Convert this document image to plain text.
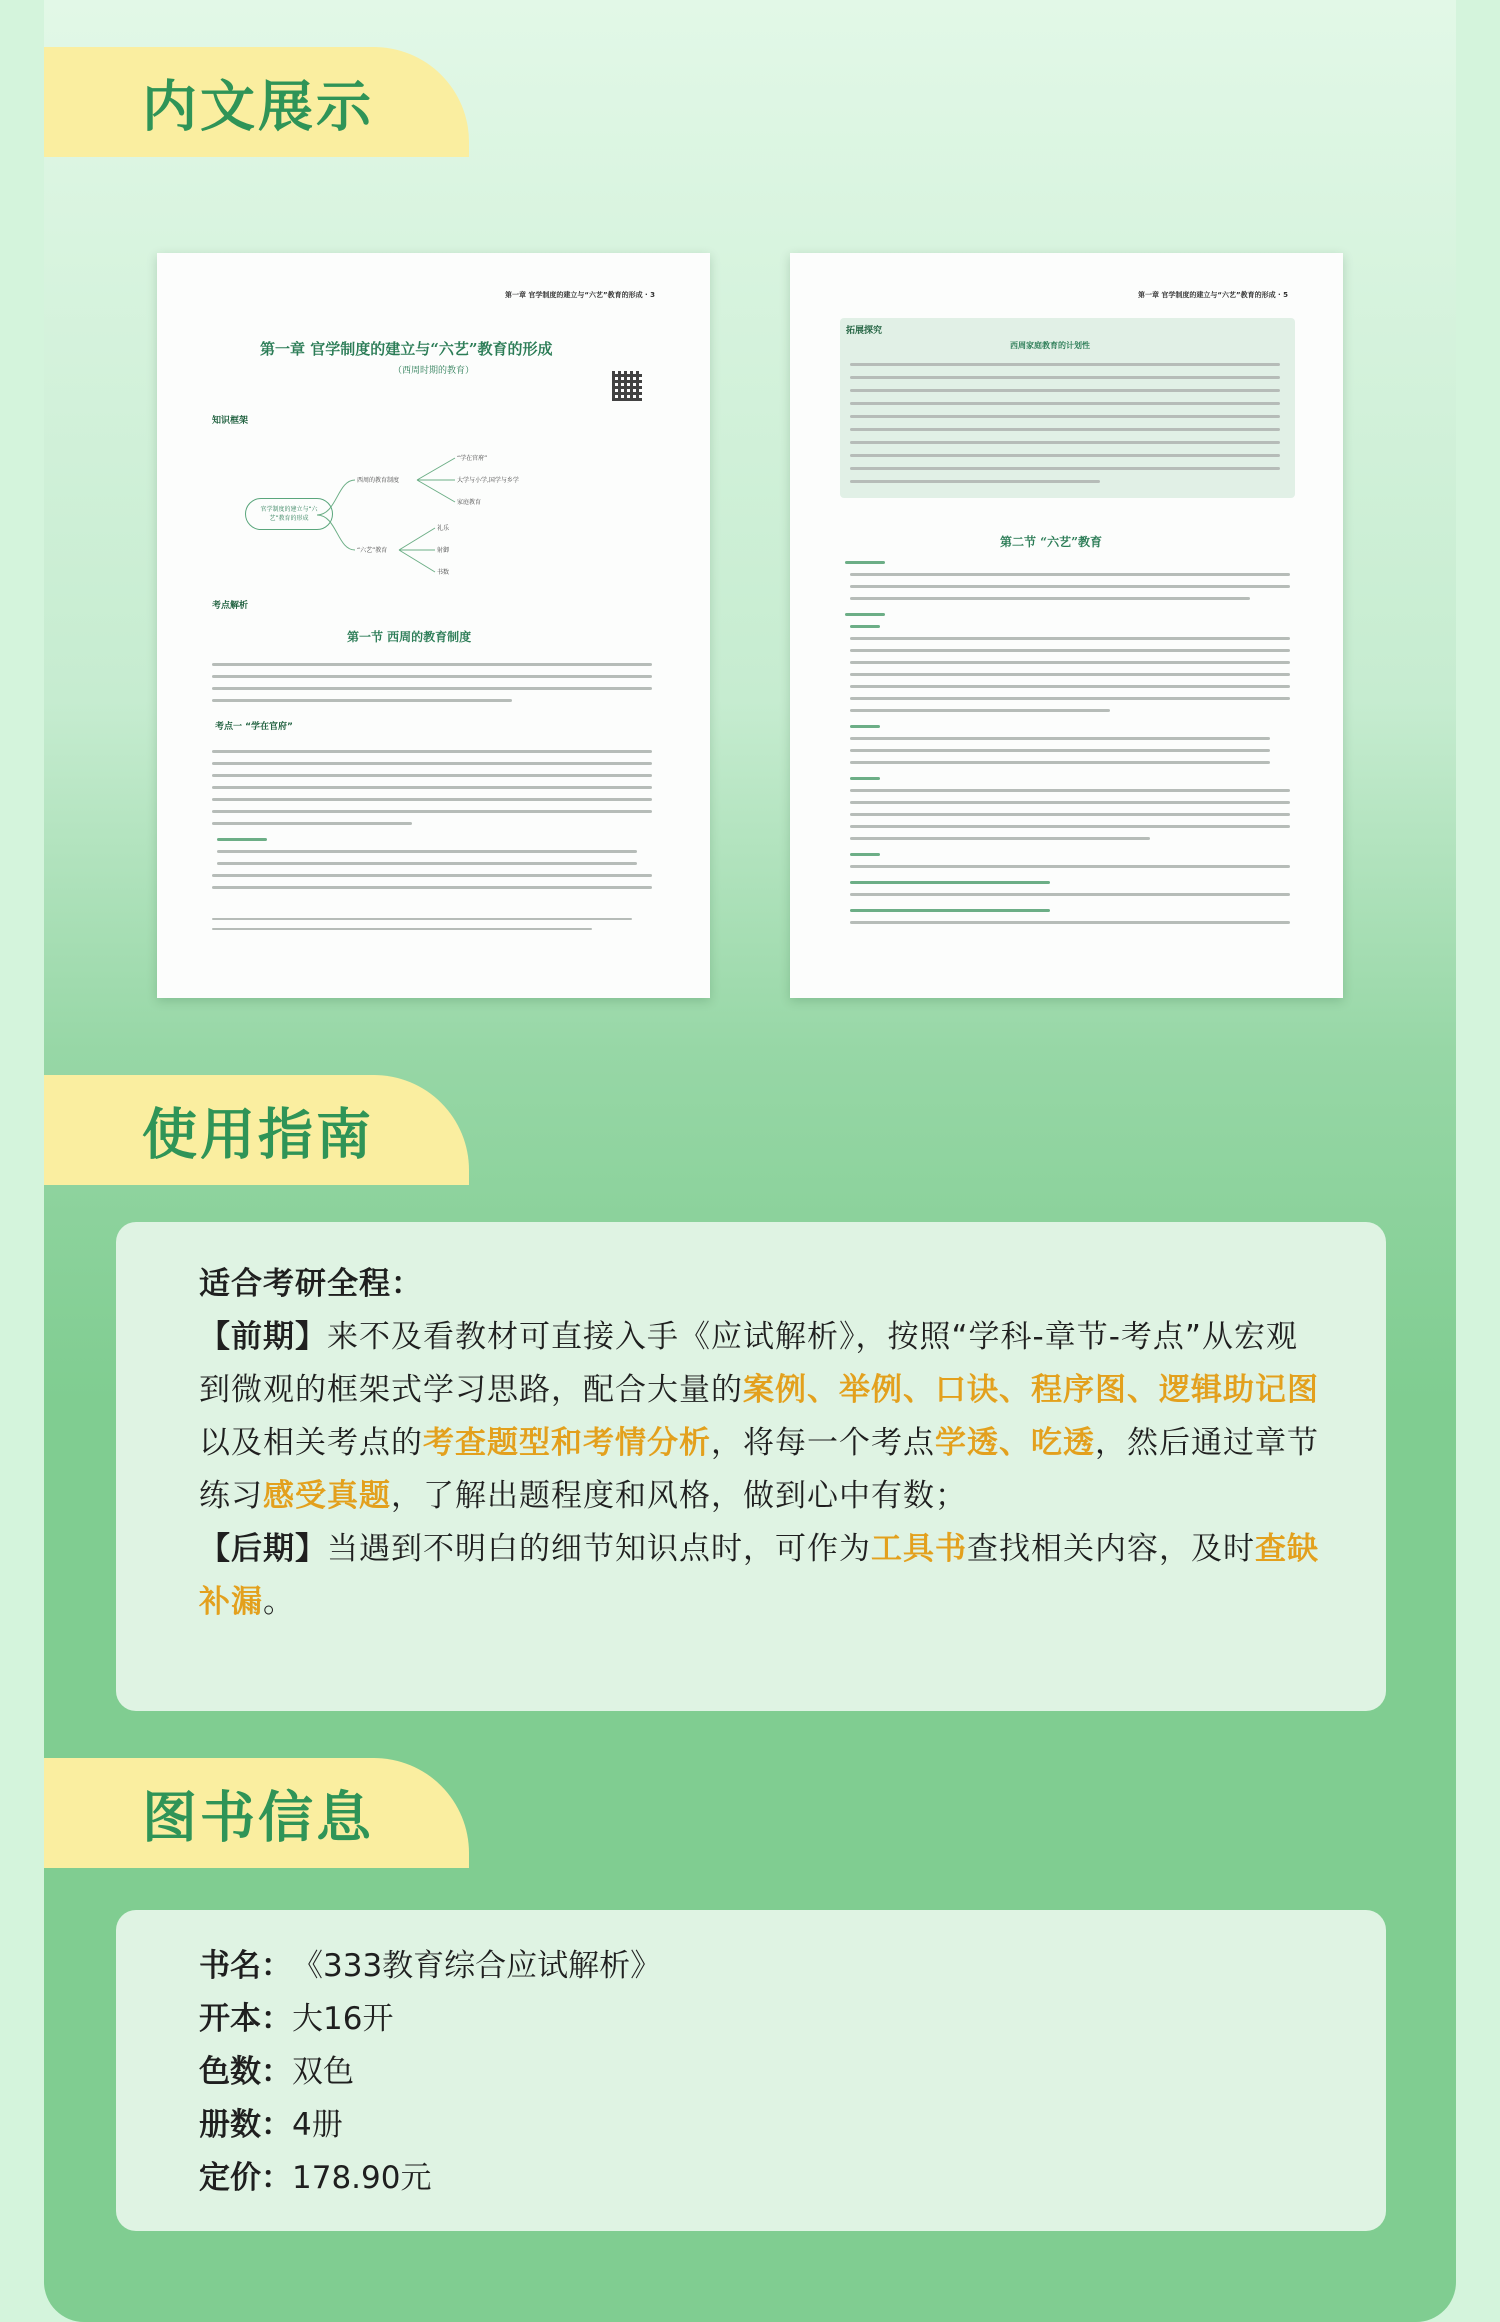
内文展示
第一章 官学制度的建立与“六艺”教育的形成 · 3
第一章 官学制度的建立与“六艺”教育的形成
（西周时期的教育）
知识框架
官学制度的建立与“六艺”教育的形成
西周的教育制度
“六艺”教育
“学在官府”
大学与小学,国学与乡学
家庭教育
礼乐
射御
书数
考点解析
第一节 西周的教育制度
考点一 “学在官府”
第一章 官学制度的建立与“六艺”教育的形成 · 5
拓展探究
西周家庭教育的计划性
第二节 “六艺”教育
使用指南

适合考研全程：

【前期】来不及看教材可直接入手《应试解析》，按照“学科-章节-考点”从宏观到微观的框架式学习思路，配合大量的案例、举例、口诀、程序图、逻辑助记图以及相关考点的考查题型和考情分析，将每一个考点学透、吃透，然后通过章节练习感受真题，了解出题程度和风格，做到心中有数；

【后期】当遇到不明白的细节知识点时，可作为工具书查找相关内容，及时查缺补漏。

图书信息
书名： 《333教育综合应试解析》
开本： 大16开
色数： 双色
册数： 4册
定价： 178.90元
